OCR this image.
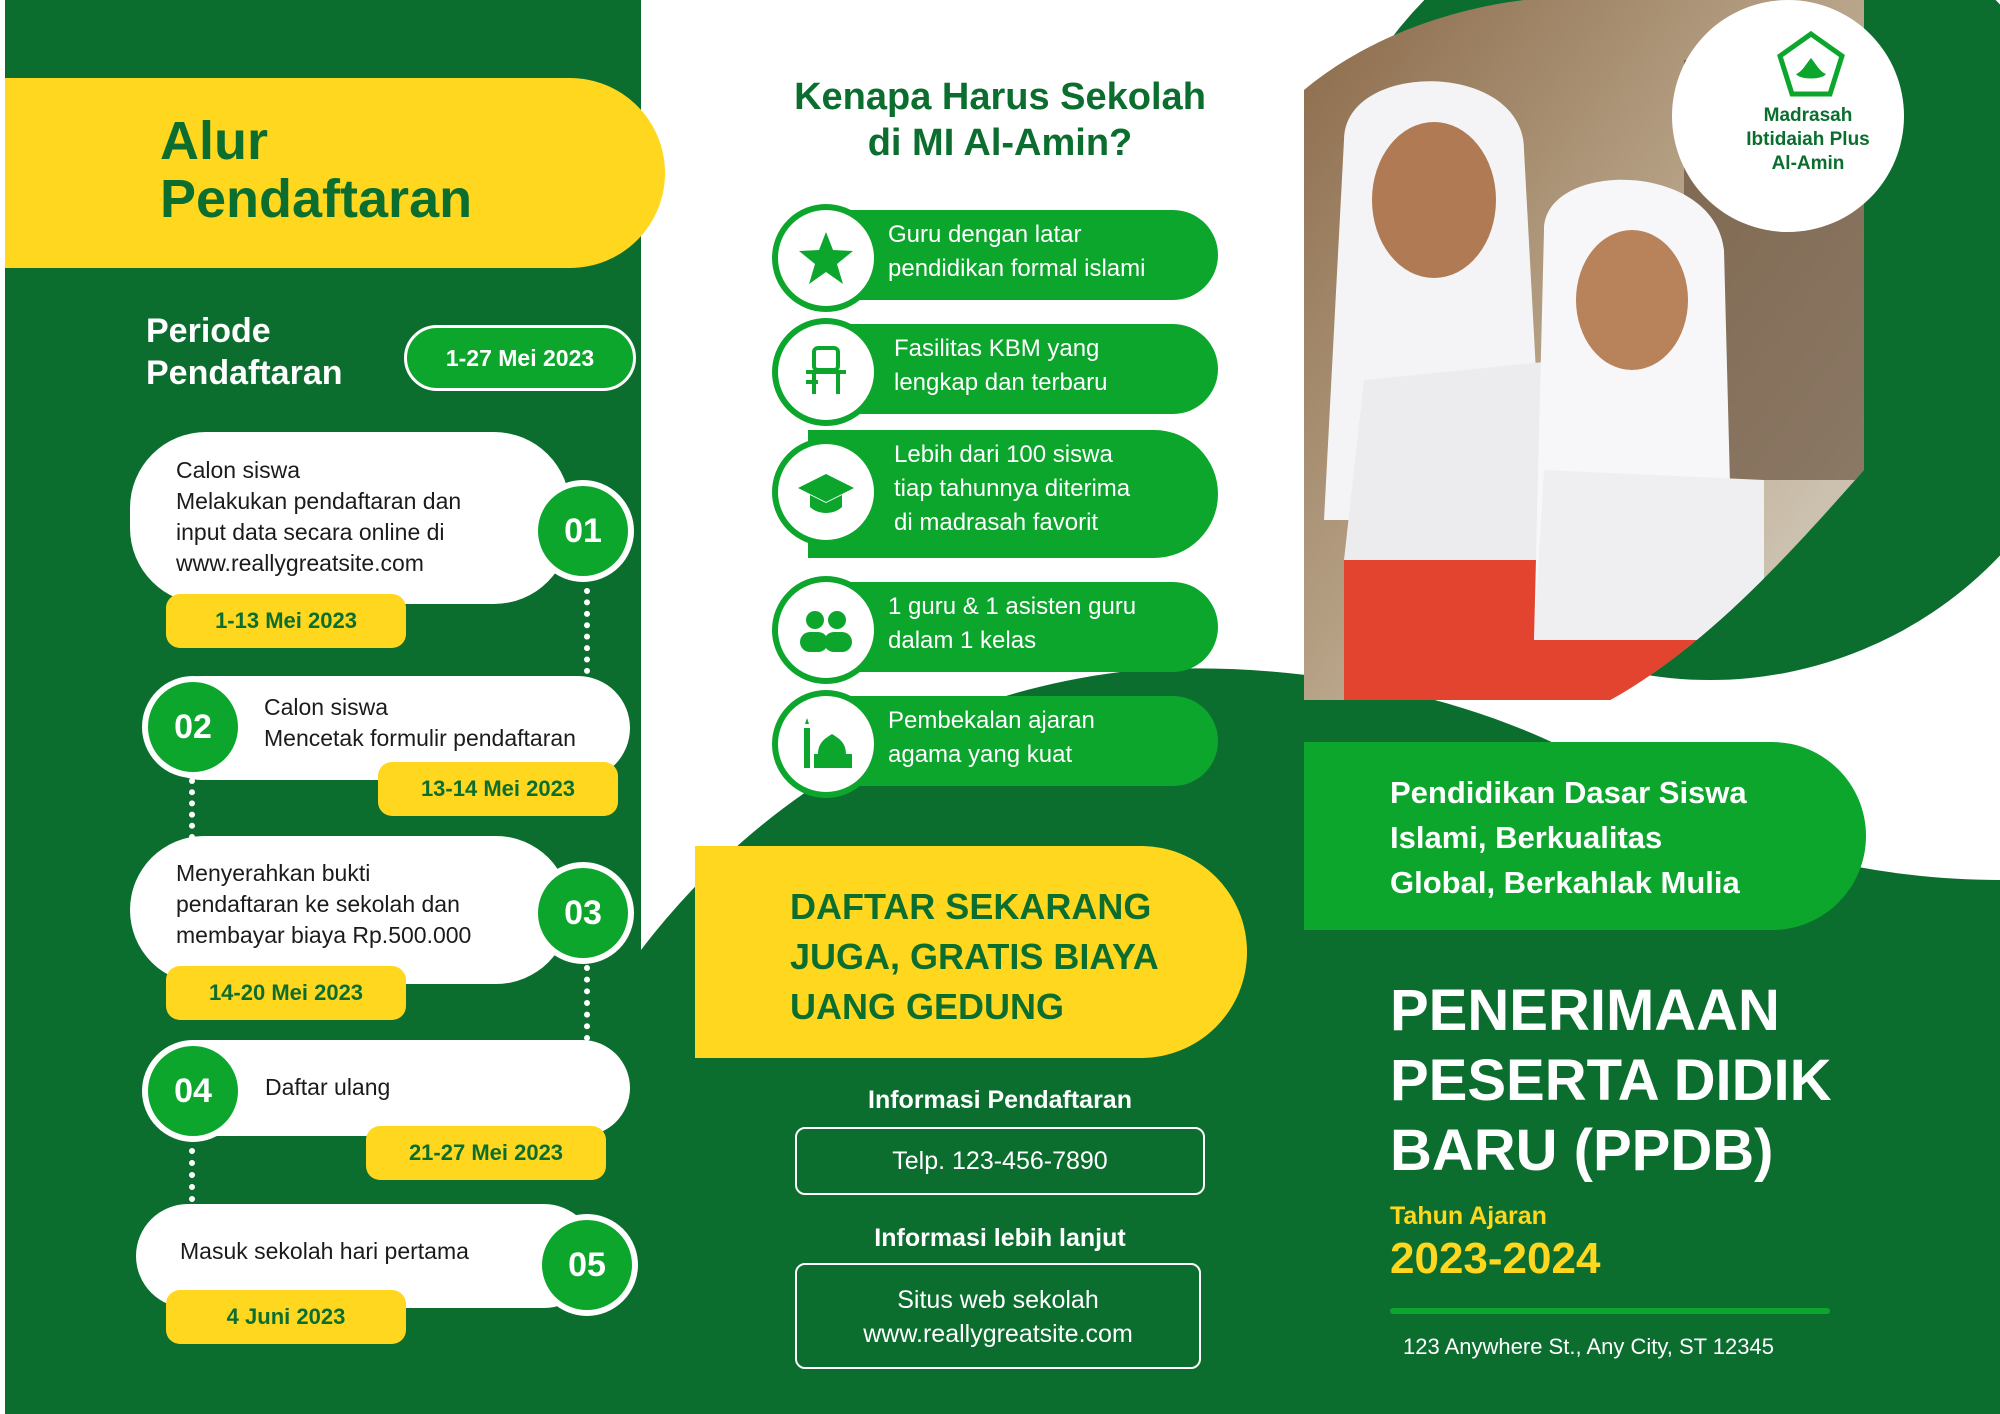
Alur
Pendaftaran
Periode
Pendaftaran	1-27 Mei 2023
Calon siswa
Melakukan pendaftaran dan
input data secara online di
www.reallygreatsite.com
01
1-13 Mei 2023
Calon siswa
Mencetak formulir pendaftaran
02
13-14 Mei 2023
Menyerahkan bukti
pendaftaran ke sekolah dan
membayar biaya Rp.500.000
03
14-20 Mei 2023
Daftar ulang
04
21-27 Mei 2023
Masuk sekolah hari pertama	05
4 Juni 2023
Kenapa Harus Sekolah
di MI Al-Amin?
Guru dengan latar
pendidikan formal islami
Fasilitas KBM yang
lengkap dan terbaru
Lebih dari 100 siswa
tiap tahunnya diterima
di madrasah favorit
1 guru & 1 asisten guru
dalam 1 kelas
Pembekalan ajaran
agama yang kuat
DAFTAR SEKARANG
JUGA, GRATIS BIAYA
UANG GEDUNG
Informasi Pendaftaran
Telp. 123-456-7890
Informasi lebih lanjut
Situs web sekolah
www.reallygreatsite.com
Madrasah
Ibtidaiah Plus
Al-Amin
Pendidikan Dasar Siswa
Islami, Berkualitas
Global, Berkahlak Mulia
PENERIMAAN
PESERTA DIDIK
BARU (PPDB)
Tahun Ajaran
2023-2024
123 Anywhere St., Any City, ST 12345
